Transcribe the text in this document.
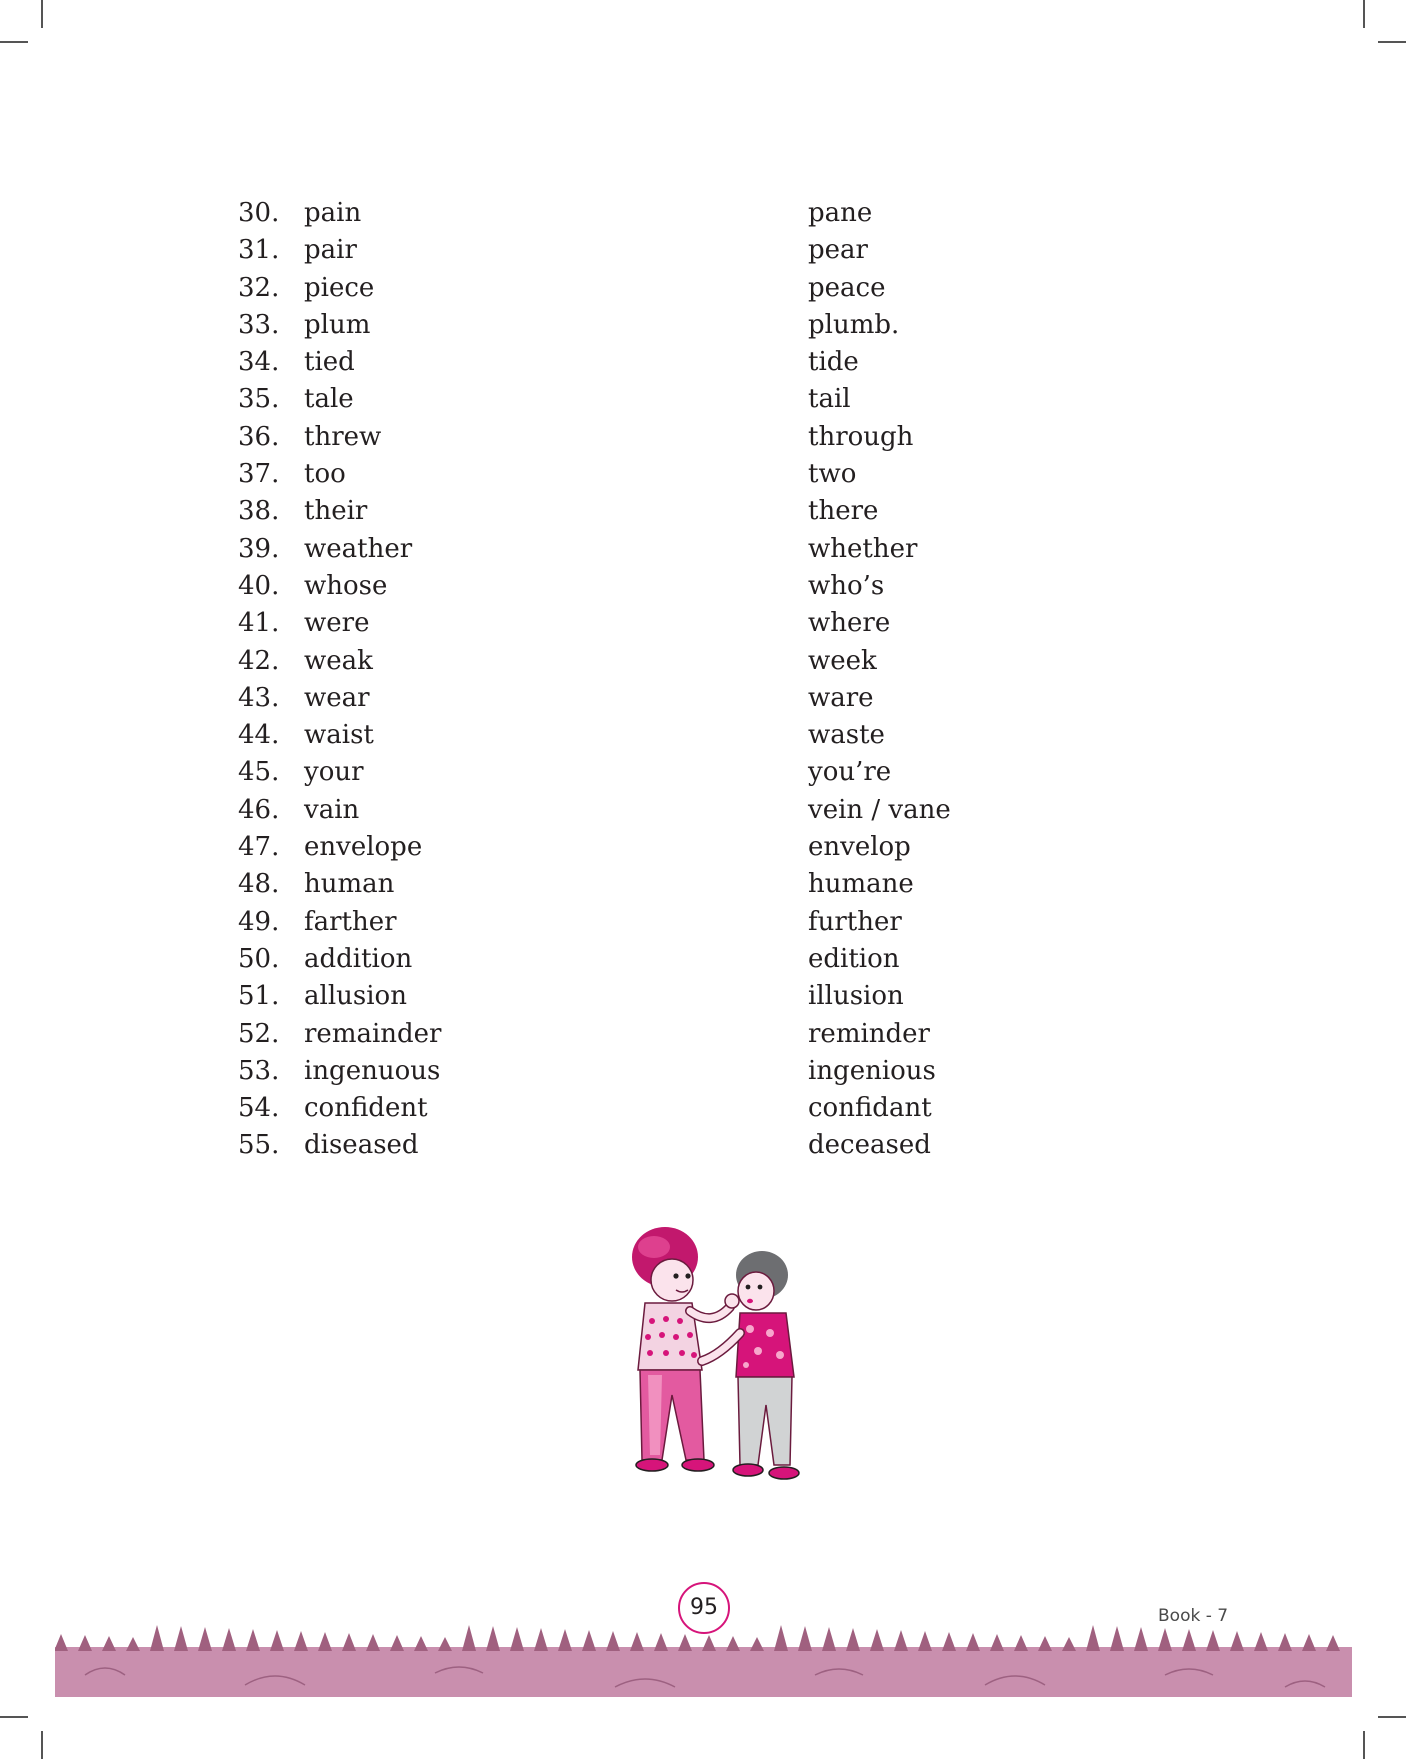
30. pain	pane
31. pair	pear
32. piece	peace
33. plum	plumb.
34. tied	tide
35. tale	tail
36. threw	through
37. too	two
38. their	there
39. weather	whether
40. whose	who’s
41. were	where
42. weak	week
43. wear	ware
44. waist	waste
45. your	you’re
46. vain	vein / vane
47. envelope	envelop
48. human	humane
49. farther	further
50. addition	edition
51. allusion	illusion
52. remainder	reminder
53. ingenuous	ingenious
54. confident	confidant
55. diseased	deceased
95	Book - 7
